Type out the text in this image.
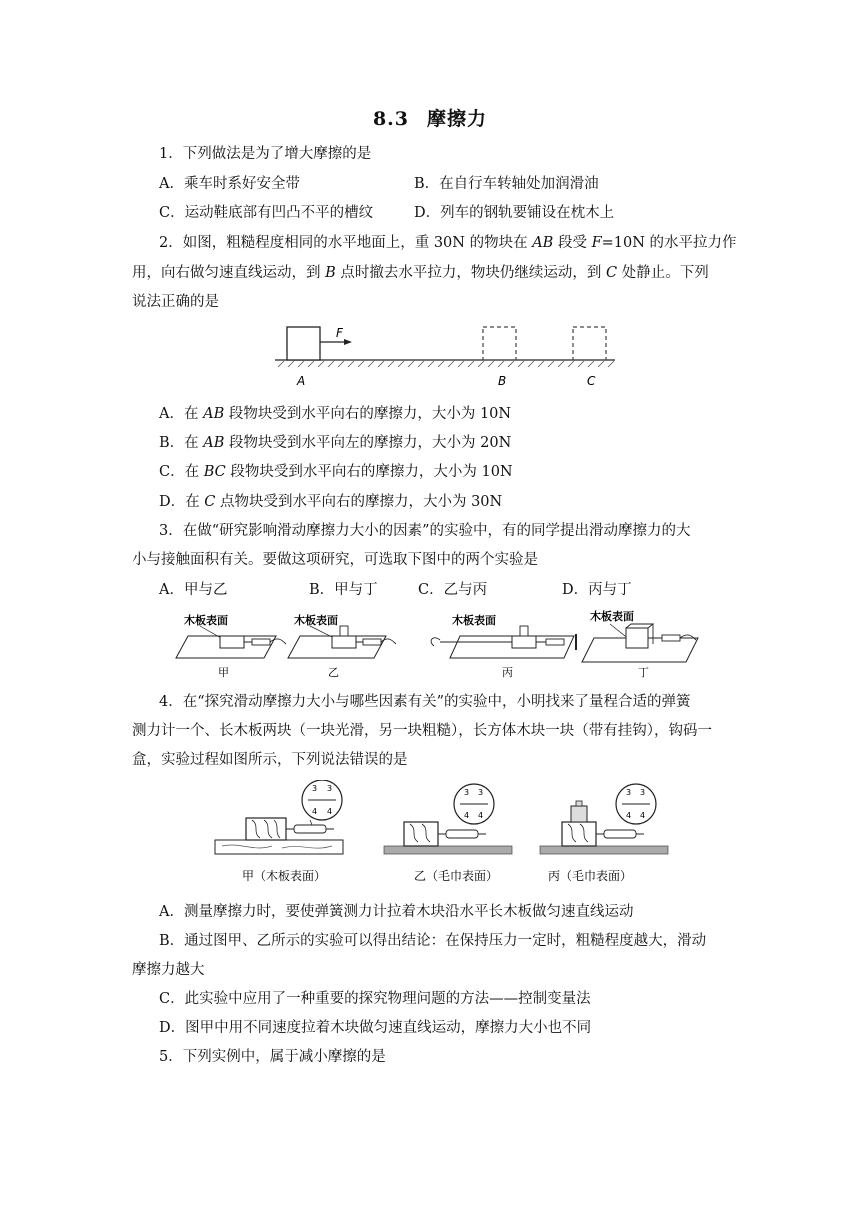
8.3 摩擦力
1．下列做法是为了增大摩擦的是
A．乘车时系好安全带	B．在自行车转轴处加润滑油
C．运动鞋底部有凹凸不平的槽纹	D．列车的钢轨要铺设在枕木上
2．如图，粗糙程度相同的水平地面上，重 30N 的物块在 AB 段受 F=10N 的水平拉力作
用，向右做匀速直线运动，到 B 点时撤去水平拉力，物块仍继续运动，到 C 处静止。下列
说法正确的是
F
A	B	C
A．在 AB 段物块受到水平向右的摩擦力，大小为 10N
B．在 AB 段物块受到水平向左的摩擦力，大小为 20N
C．在 BC 段物块受到水平向右的摩擦力，大小为 10N
D．在 C 点物块受到水平向右的摩擦力，大小为 30N
3．在做“研究影响滑动摩擦力大小的因素”的实验中，有的同学提出滑动摩擦力的大
小与接触面积有关。要做这项研究，可选取下图中的两个实验是
A．甲与乙	B．甲与丁	C．乙与丙	D．丙与丁
木板表面
甲
木板表面
乙
木板表面
丙
木板表面
丁
4．在“探究滑动摩擦力大小与哪些因素有关”的实验中，小明找来了量程合适的弹簧
测力计一个、长木板两块（一块光滑，另一块粗糙），长方体木块一块（带有挂钩），钩码一
盒，实验过程如图所示，下列说法错误的是
3 3
4 4
甲（木板表面）
3 3
4 4
乙（毛巾表面）
3 3
4 4
丙（毛巾表面）
A．测量摩擦力时，要使弹簧测力计拉着木块沿水平长木板做匀速直线运动
B．通过图甲、乙所示的实验可以得出结论：在保持压力一定时，粗糙程度越大，滑动
摩擦力越大
C．此实验中应用了一种重要的探究物理问题的方法——控制变量法
D．图甲中用不同速度拉着木块做匀速直线运动，摩擦力大小也不同
5．下列实例中，属于减小摩擦的是
